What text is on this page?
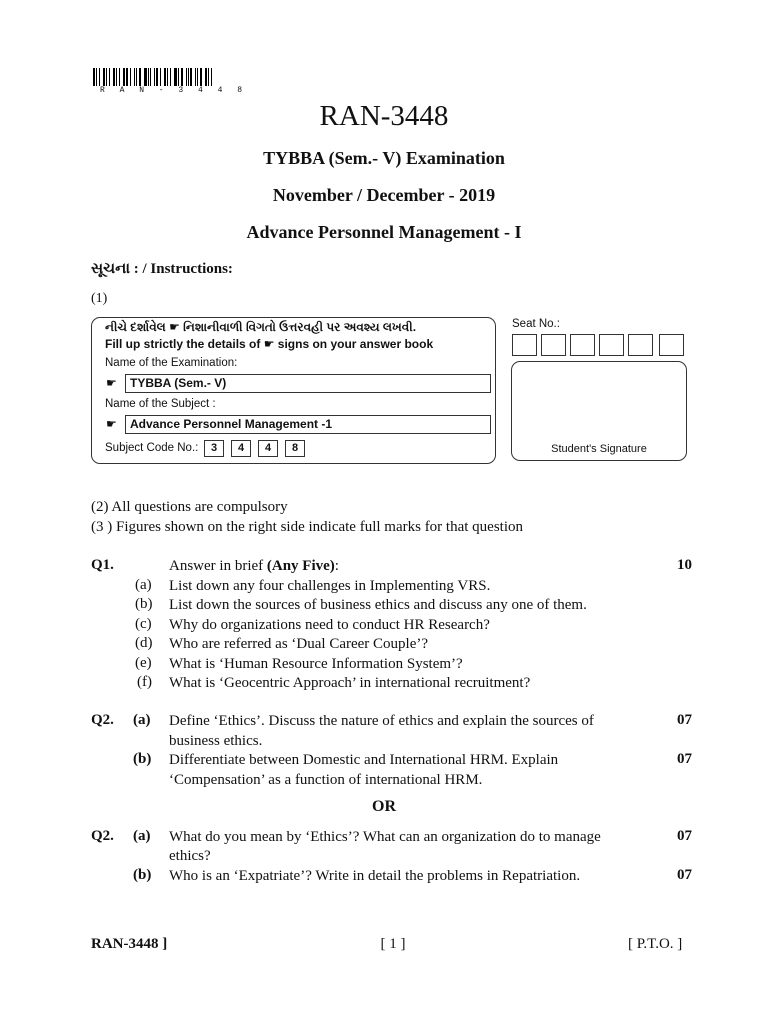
R A N - 3 4 4 8
RAN-3448
TYBBA (Sem.- V) Examination
November / December - 2019
Advance Personnel Management - I
સૂચના : / Instructions:
(1)
નીચે દર્શાવેલ ☛ નિશાનીવાળી વિગતો ઉત્તરવહી પર અવશ્ય લખવી.
Fill up strictly the details of ☛ signs on your answer book
Name of the Examination:
☛	TYBBA (Sem.- V)
Name of the Subject :
☛	Advance Personnel Management -1
Subject Code No.:	3	4	4	8
Seat No.:
Student's Signature
(2) All questions are compulsory
(3 ) Figures shown on the right side indicate full marks for that question
Q1.	Answer in brief (Any Five):	10
(a) List down any four challenges in Implementing VRS.
(b) List down the sources of business ethics and discuss any one of them.
(c) Why do organizations need to conduct HR Research?
(d) Who are referred as ‘Dual Career Couple’?
(e) What is ‘Human Resource Information System’?
(f) What is ‘Geocentric Approach’ in international recruitment?
Q2. (a) Define ‘Ethics’. Discuss the nature of ethics and explain the sources of
business ethics.
07
(b) Differentiate between Domestic and International HRM. Explain
‘Compensation’ as a function of international HRM.
07
OR
Q2. (a) What do you mean by ‘Ethics’? What can an organization do to manage
ethics?
07
(b) Who is an ‘Expatriate’? Write in detail the problems in Repatriation.	07
RAN-3448 ]	[ 1 ]	[ P.T.O. ]
